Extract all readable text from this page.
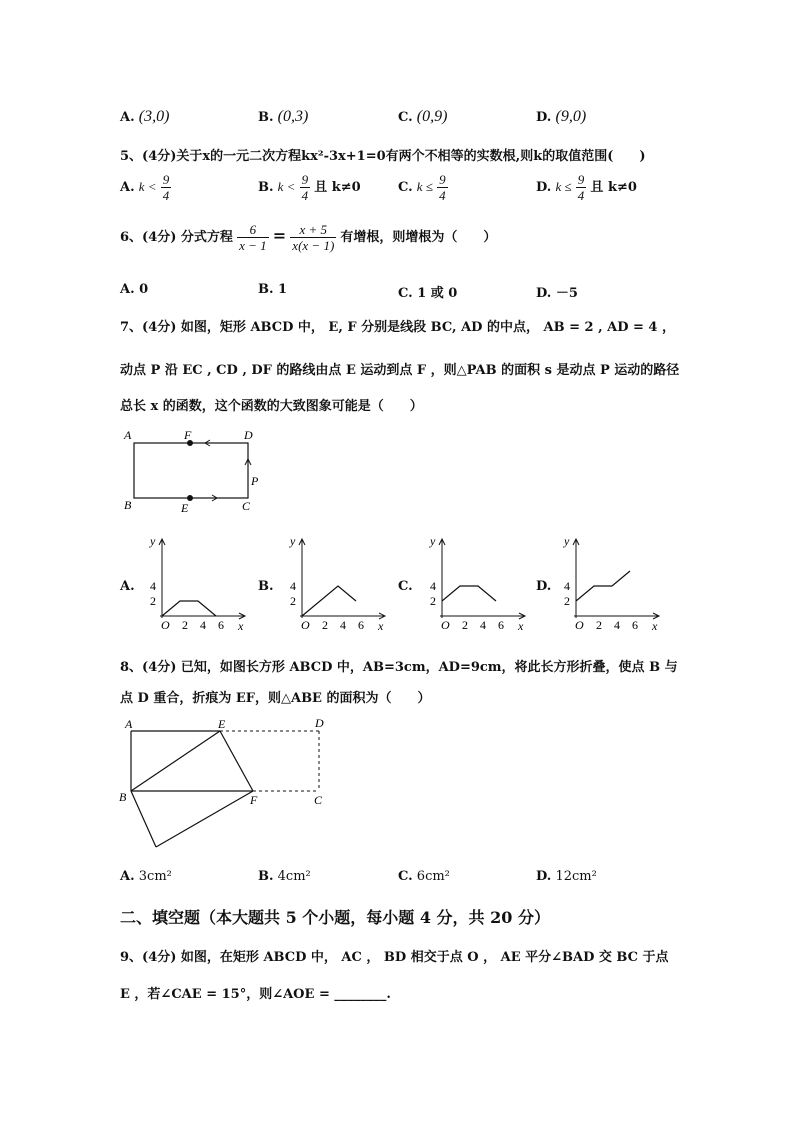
A. (3,0)	B. (0,3)	C. (0,9)	D. (9,0)
5、(4分)关于x的一元二次方程kx²-3x+1=0有两个不相等的实数根,则k的取值范围(　　)
A. $k < \frac{9}{4}$	B. $k < \frac{9}{4}$ 且 k≠0	C. $k \le \frac{9}{4}$	D. $k \le \frac{9}{4}$ 且 k≠0
6、(4分) 分式方程 $\frac{6}{x - 1} = \frac{x + 5}{x(x - 1)}$ 有增根，则增根为（　　）
A. 0	B. 1	C. 1 或 0	D. －5
7、(4分) 如图，矩形 ABCD 中， E, F 分别是线段 BC, AD 的中点， AB = 2 , AD = 4 ，
动点 P 沿 EC , CD , DF 的路线由点 E 运动到点 F ，则△PAB 的面积 s 是动点 P 运动的路径
总长 x 的函数，这个函数的大致图象可能是（　　）
A	F	D
B	E	C
P
A.
y
x
O
2
4
2 4 6
B.
y
x
O
2
4
2 4 6
C.
y
x
O
2
4
2 4 6
D.
y
x
O
2
4
2 4 6
8、(4分) 已知，如图长方形 ABCD 中，AB=3cm，AD=9cm，将此长方形折叠，使点 B 与
点 D 重合，折痕为 EF，则△ABE 的面积为（　　）
A	E	D
B	F	C
A. 3cm²	B. 4cm²	C. 6cm²	D. 12cm²
二、填空题（本大题共 5 个小题，每小题 4 分，共 20 分）
9、(4分) 如图，在矩形 ABCD 中， AC ， BD 相交于点 O ， AE 平分∠BAD 交 BC 于点
E ，若∠CAE = 15°，则∠AOE = ________.
